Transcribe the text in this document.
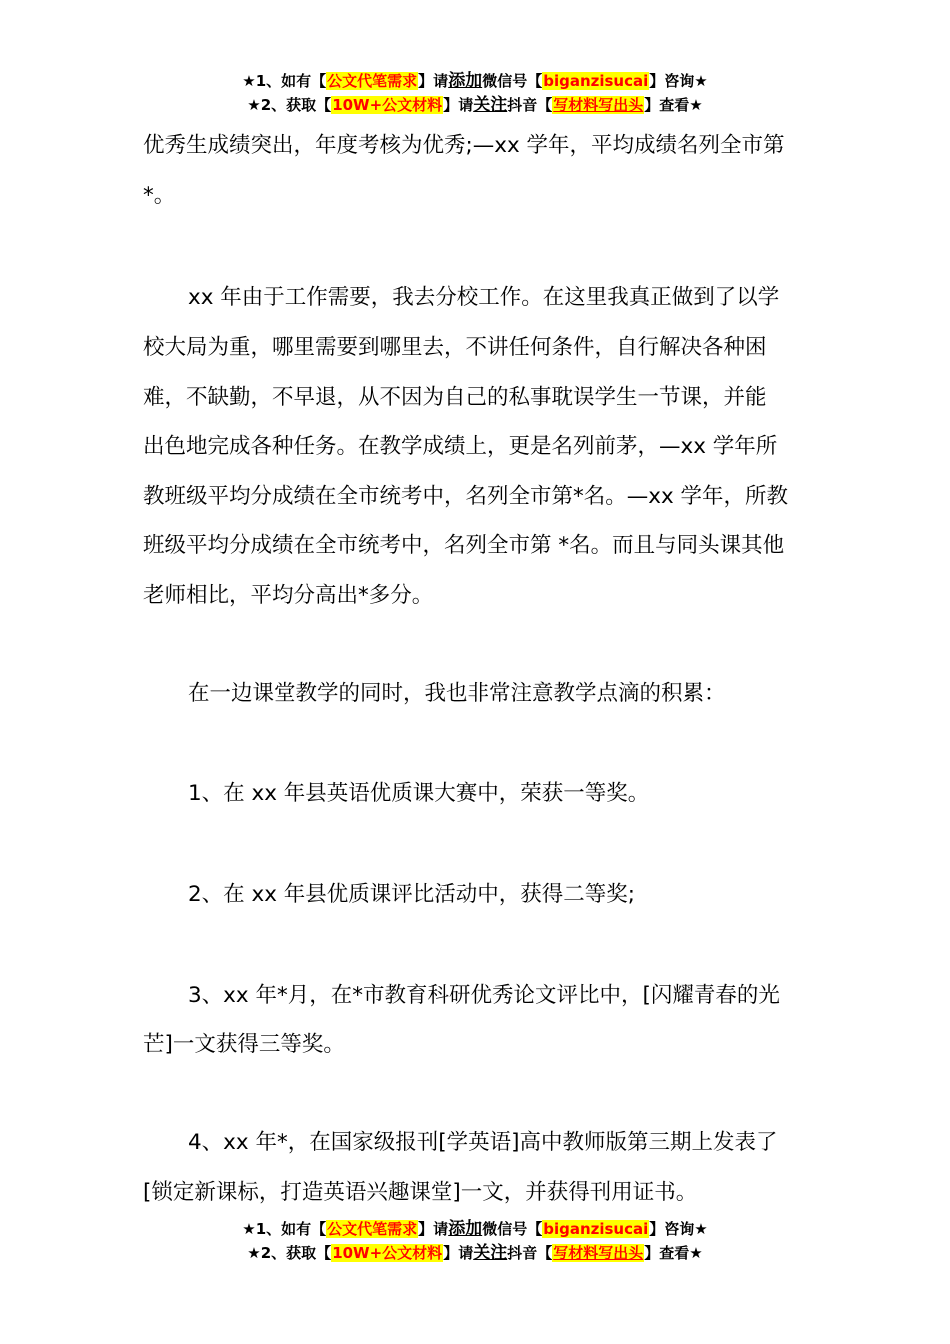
★1、如有【公文代笔需求】请添加微信号【biganzisucai】咨询★
★2、获取【10W+公文材料】请关注抖音【写材料写出头】查看★
优秀生成绩突出，年度考核为优秀;—xx 学年，平均成绩名列全市第
*。
xx 年由于工作需要，我去分校工作。在这里我真正做到了以学
校大局为重，哪里需要到哪里去，不讲任何条件，自行解决各种困
难，不缺勤，不早退，从不因为自己的私事耽误学生一节课，并能
出色地完成各种任务。在教学成绩上，更是名列前茅，—xx 学年所
教班级平均分成绩在全市统考中，名列全市第*名。—xx 学年，所教
班级平均分成绩在全市统考中，名列全市第 *名。而且与同头课其他
老师相比，平均分高出*多分。
在一边课堂教学的同时，我也非常注意教学点滴的积累：
1、在 xx 年县英语优质课大赛中，荣获一等奖。
2、在 xx 年县优质课评比活动中，获得二等奖;
3、xx 年*月，在*市教育科研优秀论文评比中，[闪耀青春的光
芒]一文获得三等奖。
4、xx 年*，在国家级报刊[学英语]高中教师版第三期上发表了
[锁定新课标，打造英语兴趣课堂]一文，并获得刊用证书。
★1、如有【公文代笔需求】请添加微信号【biganzisucai】咨询★
★2、获取【10W+公文材料】请关注抖音【写材料写出头】查看★
